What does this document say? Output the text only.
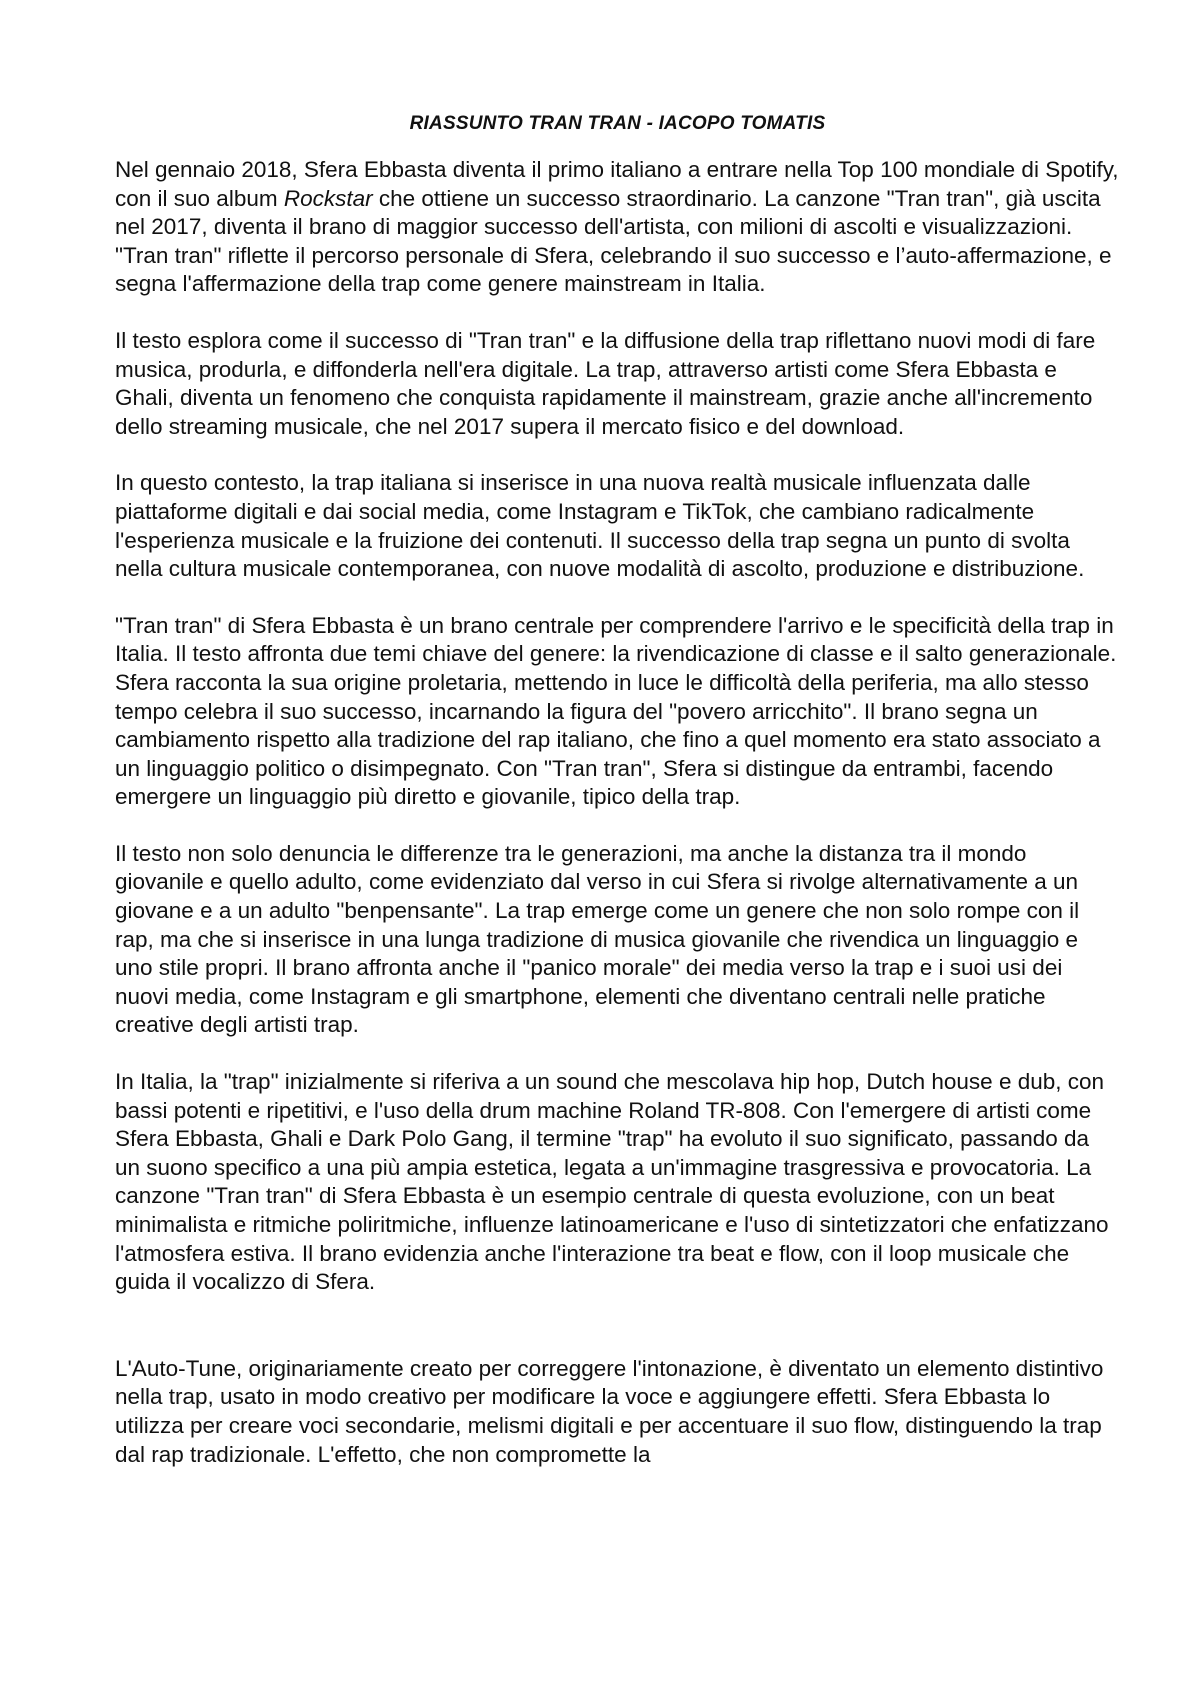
RIASSUNTO TRAN TRAN - IACOPO TOMATIS

Nel gennaio 2018, Sfera Ebbasta diventa il primo italiano a entrare nella Top 100 mondiale di Spotify, con il suo album Rockstar che ottiene un successo straordinario. La canzone "Tran tran", già uscita nel 2017, diventa il brano di maggior successo dell'artista, con milioni di ascolti e visualizzazioni. "Tran tran" riflette il percorso personale di Sfera, celebrando il suo successo e l’auto-affermazione, e segna l'affermazione della trap come genere mainstream in Italia.

Il testo esplora come il successo di "Tran tran" e la diffusione della trap riflettano nuovi modi di fare musica, produrla, e diffonderla nell'era digitale. La trap, attraverso artisti come Sfera Ebbasta e Ghali, diventa un fenomeno che conquista rapidamente il mainstream, grazie anche all'incremento dello streaming musicale, che nel 2017 supera il mercato fisico e del download.

In questo contesto, la trap italiana si inserisce in una nuova realtà musicale influenzata dalle piattaforme digitali e dai social media, come Instagram e TikTok, che cambiano radicalmente l'esperienza musicale e la fruizione dei contenuti. Il successo della trap segna un punto di svolta nella cultura musicale contemporanea, con nuove modalità di ascolto, produzione e distribuzione.

"Tran tran" di Sfera Ebbasta è un brano centrale per comprendere l'arrivo e le specificità della trap in Italia. Il testo affronta due temi chiave del genere: la rivendicazione di classe e il salto generazionale. Sfera racconta la sua origine proletaria, mettendo in luce le difficoltà della periferia, ma allo stesso tempo celebra il suo successo, incarnando la figura del "povero arricchito". Il brano segna un cambiamento rispetto alla tradizione del rap italiano, che fino a quel momento era stato associato a un linguaggio politico o disimpegnato. Con "Tran tran", Sfera si distingue da entrambi, facendo emergere un linguaggio più diretto e giovanile, tipico della trap.

Il testo non solo denuncia le differenze tra le generazioni, ma anche la distanza tra il mondo giovanile e quello adulto, come evidenziato dal verso in cui Sfera si rivolge alternativamente a un giovane e a un adulto "benpensante". La trap emerge come un genere che non solo rompe con il rap, ma che si inserisce in una lunga tradizione di musica giovanile che rivendica un linguaggio e uno stile propri. Il brano affronta anche il "panico morale" dei media verso la trap e i suoi usi dei nuovi media, come Instagram e gli smartphone, elementi che diventano centrali nelle pratiche creative degli artisti trap.

In Italia, la "trap" inizialmente si riferiva a un sound che mescolava hip hop, Dutch house e dub, con bassi potenti e ripetitivi, e l'uso della drum machine Roland TR-808. Con l'emergere di artisti come Sfera Ebbasta, Ghali e Dark Polo Gang, il termine "trap" ha evoluto il suo significato, passando da un suono specifico a una più ampia estetica, legata a un'immagine trasgressiva e provocatoria. La canzone "Tran tran" di Sfera Ebbasta è un esempio centrale di questa evoluzione, con un beat minimalista e ritmiche poliritmiche, influenze latinoamericane e l'uso di sintetizzatori che enfatizzano l'atmosfera estiva. Il brano evidenzia anche l'interazione tra beat e flow, con il loop musicale che guida il vocalizzo di Sfera.

L'Auto-Tune, originariamente creato per correggere l'intonazione, è diventato un elemento distintivo nella trap, usato in modo creativo per modificare la voce e aggiungere effetti. Sfera Ebbasta lo utilizza per creare voci secondarie, melismi digitali e per accentuare il suo flow, distinguendo la trap dal rap tradizionale. L'effetto, che non compromette la
